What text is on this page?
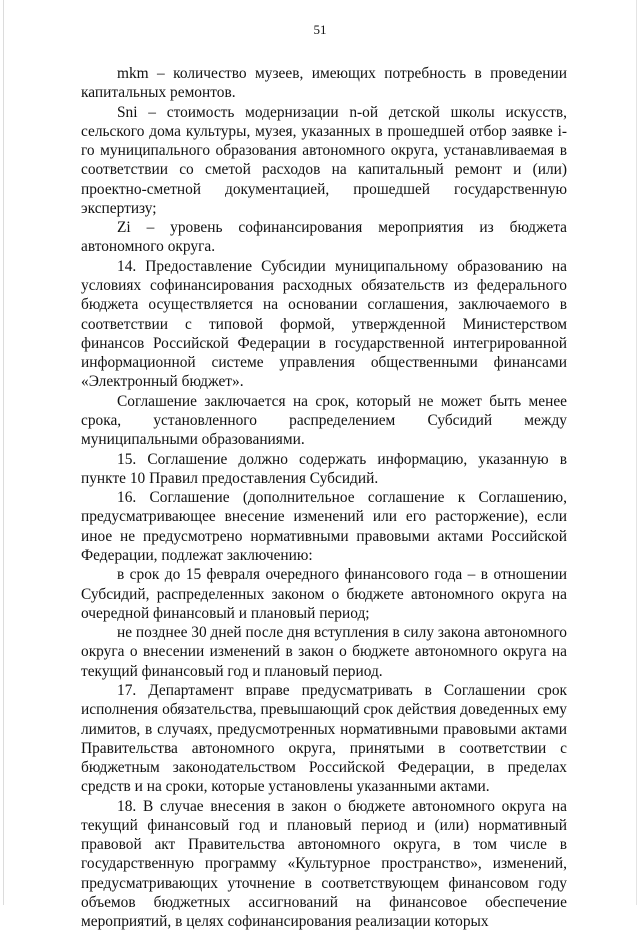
51

mkm – количество музеев, имеющих потребность в проведении капитальных ремонтов.

Sni – стоимость модернизации n-ой детской школы искусств, сельского дома культуры, музея, указанных в прошедшей отбор заявке i-го муниципального образования автономного округа, устанавливаемая в соответствии со сметой расходов на капитальный ремонт и (или) проектно-сметной документацией, прошедшей государственную экспертизу;

Zi – уровень софинансирования мероприятия из бюджета автономного округа.

14. Предоставление Субсидии муниципальному образованию на условиях софинансирования расходных обязательств из федерального бюджета осуществляется на основании соглашения, заключаемого в соответствии с типовой формой, утвержденной Министерством финансов Российской Федерации в государственной интегрированной информационной системе управления общественными финансами «Электронный бюджет».

Соглашение заключается на срок, который не может быть менее срока, установленного распределением Субсидий между муниципальными образованиями.

15. Соглашение должно содержать информацию, указанную в пункте 10 Правил предоставления Субсидий.

16. Соглашение (дополнительное соглашение к Соглашению, предусматривающее внесение изменений или его расторжение), если иное не предусмотрено нормативными правовыми актами Российской Федерации, подлежат заключению:

в срок до 15 февраля очередного финансового года – в отношении Субсидий, распределенных законом о бюджете автономного округа на очередной финансовый и плановый период;

не позднее 30 дней после дня вступления в силу закона автономного округа о внесении изменений в закон о бюджете автономного округа на текущий финансовый год и плановый период.

17. Департамент вправе предусматривать в Соглашении срок исполнения обязательства, превышающий срок действия доведенных ему лимитов, в случаях, предусмотренных нормативными правовыми актами Правительства автономного округа, принятыми в соответствии с бюджетным законодательством Российской Федерации, в пределах средств и на сроки, которые установлены указанными актами.

18. В случае внесения в закон о бюджете автономного округа на текущий финансовый год и плановый период и (или) нормативный правовой акт Правительства автономного округа, в том числе в государственную программу «Культурное пространство», изменений, предусматривающих уточнение в соответствующем финансовом году объемов бюджетных ассигнований на финансовое обеспечение мероприятий, в целях софинансирования реализации которых
